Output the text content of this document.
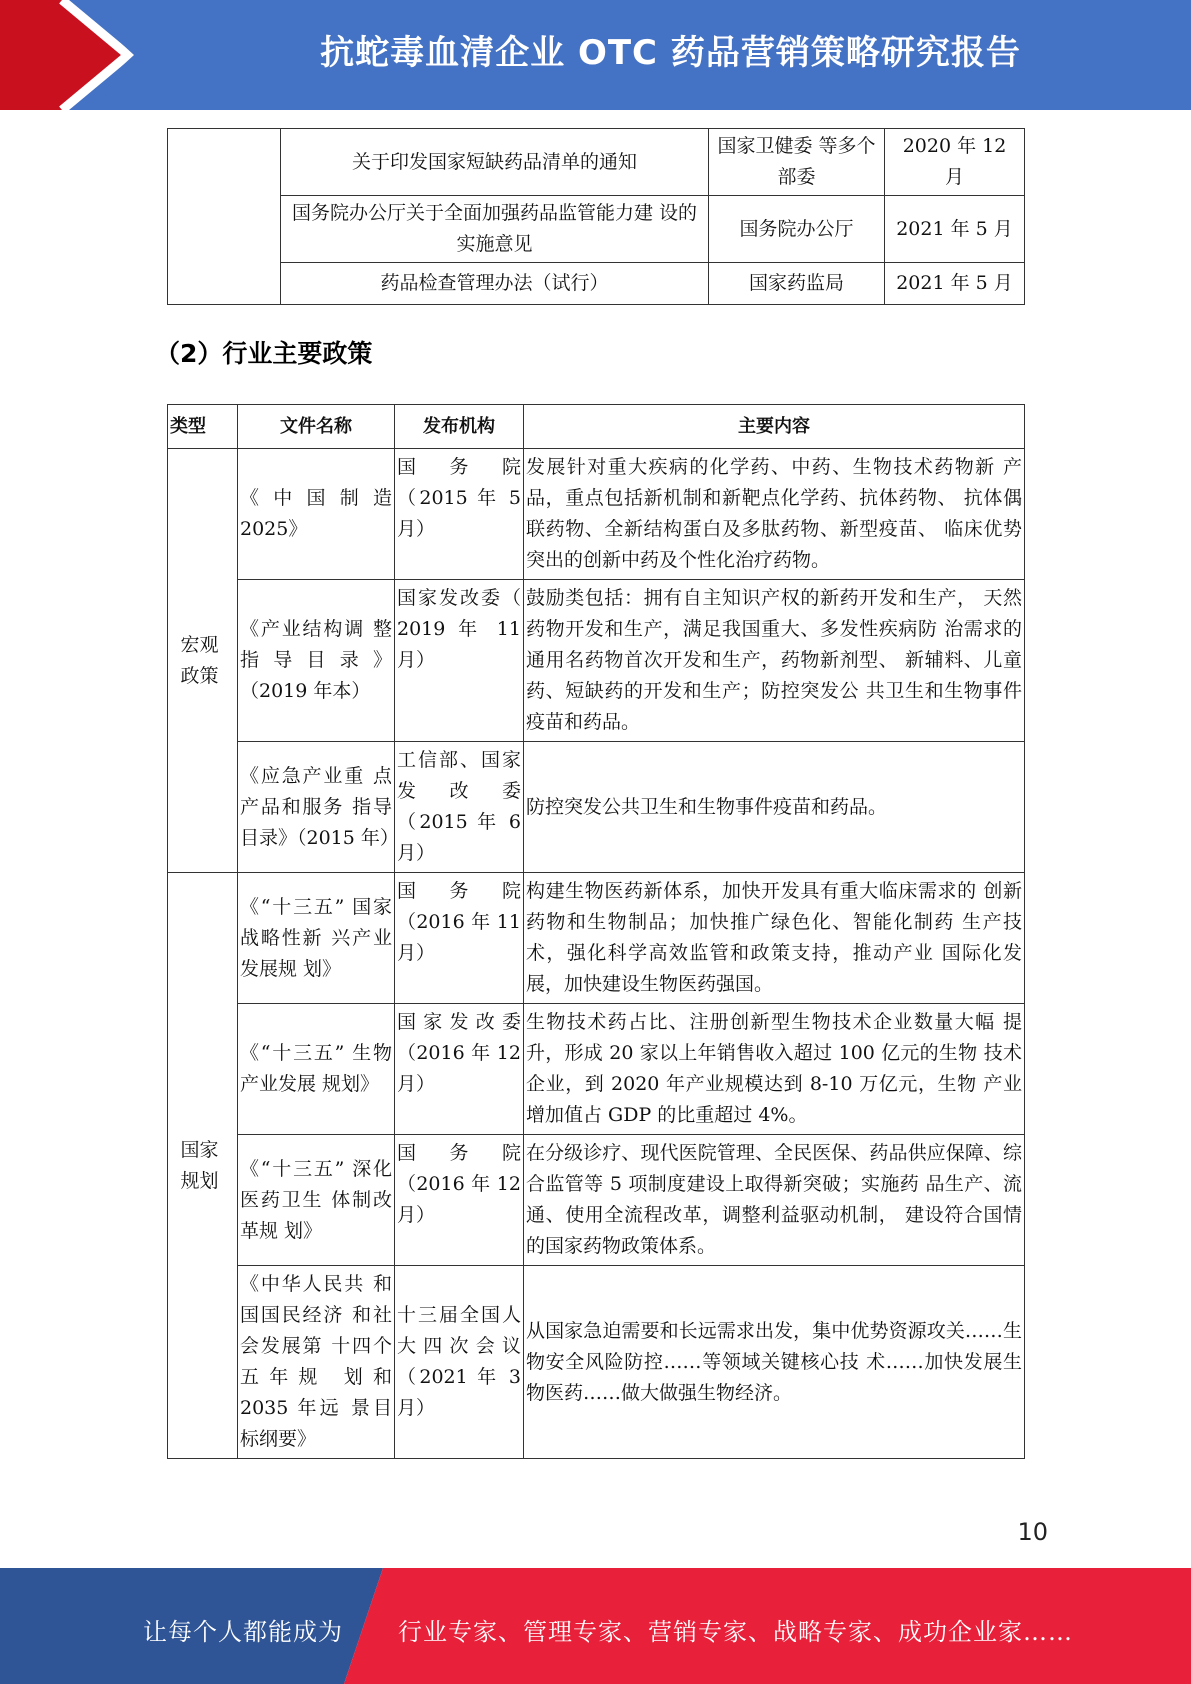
抗蛇毒血清企业 OTC 药品营销策略研究报告
	关于印发国家短缺药品清单的通知	国家卫健委 等多个部委	2020 年 12 月
	国务院办公厅关于全面加强药品监管能力建 设的实施意见	国务院办公厅	2021 年 5 月
	药品检查管理办法（试行）	国家药监局	2021 年 5 月
（2）行业主要政策
类型	文件名称	发布机构	主要内容

宏观政策	《中国制造 2025》	国务院 （2015 年 5 月）	发展针对重大疾病的化学药、中药、生物技术药物新 产品，重点包括新机制和新靶点化学药、抗体药物、 抗体偶联药物、全新结构蛋白及多肽药物、新型疫苗、 临床优势突出的创新中药及个性化治疗药物。
	《产业结构调 整指导目录》（2019 年本）	国家发改委（ 2019 年 11 月）	鼓励类包括：拥有自主知识产权的新药开发和生产， 天然药物开发和生产，满足我国重大、多发性疾病防 治需求的通用名药物首次开发和生产，药物新剂型、 新辅料、儿童药、短缺药的开发和生产；防控突发公 共卫生和生物事件疫苗和药品。
	《应急产业重 点产品和服务 指导目录》（2015 年）	工信部、国家发改委 （2015 年 6 月）	防控突发公共卫生和生物事件疫苗和药品。

国家规划	《“十三五” 国家战略性新 兴产业发展规 划》	国务院 （2016 年 11 月）	构建生物医药新体系，加快开发具有重大临床需求的 创新药物和生物制品；加快推广绿色化、智能化制药 生产技术，强化科学高效监管和政策支持，推动产业 国际化发展，加快建设生物医药强国。
	《“十三五” 生物产业发展 规划》	国家发改委 （2016 年 12 月）	生物技术药占比、注册创新型生物技术企业数量大幅 提升，形成 20 家以上年销售收入超过 100 亿元的生物 技术企业，到 2020 年产业规模达到 8-10 万亿元，生物 产业增加值占 GDP 的比重超过 4%。
	《“十三五” 深化医药卫生 体制改革规 划》	国务院 （2016 年 12 月）	在分级诊疗、现代医院管理、全民医保、药品供应保障、综合监管等 5 项制度建设上取得新突破；实施药 品生产、流通、使用全流程改革，调整利益驱动机制， 建设符合国情的国家药物政策体系。
	《中华人民共 和国国民经济 和社会发展第 十四个五年规 划和 2035 年远 景目标纲要》	十三届全国人大四次会议（2021 年 3 月）	从国家急迫需要和长远需求出发，集中优势资源攻关……生物安全风险防控……等领域关键核心技 术……加快发展生物医药……做大做强生物经济。
10
让每个人都能成为 行业专家、管理专家、营销专家、战略专家、成功企业家……
